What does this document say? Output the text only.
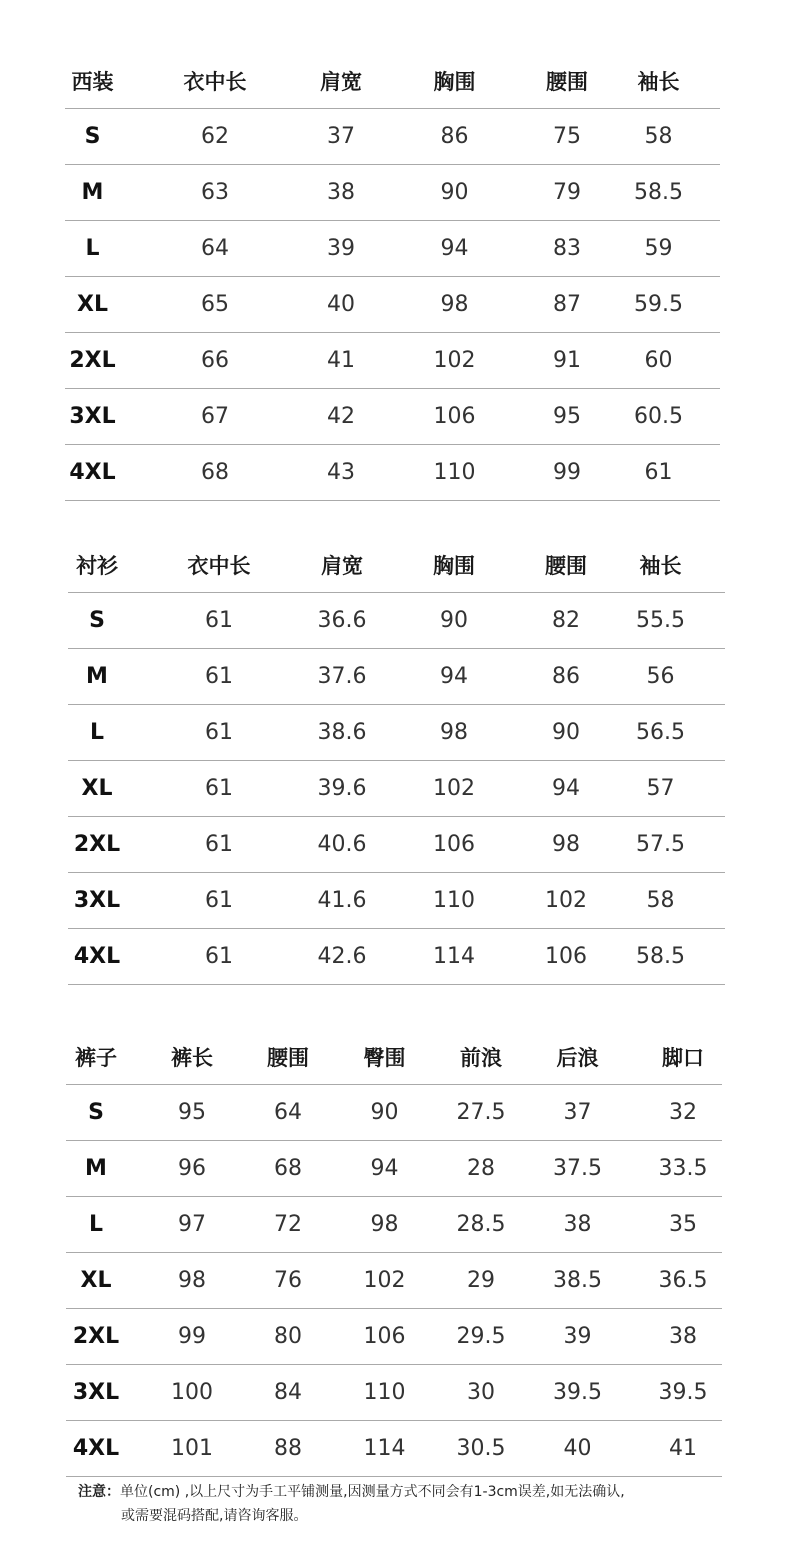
西装	衣中长	肩宽	胸围	腰围	袖长
S	62	37	86	75	58
M	63	38	90	79	58.5
L	64	39	94	83	59
XL	65	40	98	87	59.5
2XL	66	41	102	91	60
3XL	67	42	106	95	60.5
4XL	68	43	110	99	61
衬衫	衣中长	肩宽	胸围	腰围	袖长
S	61	36.6	90	82	55.5
M	61	37.6	94	86	56
L	61	38.6	98	90	56.5
XL	61	39.6	102	94	57
2XL	61	40.6	106	98	57.5
3XL	61	41.6	110	102	58
4XL	61	42.6	114	106	58.5
裤子	裤长	腰围	臀围	前浪	后浪	脚口
S	95	64	90	27.5	37	32
M	96	68	94	28	37.5	33.5
L	97	72	98	28.5	38	35
XL	98	76	102	29	38.5	36.5
2XL	99	80	106	29.5	39	38
3XL	100	84	110	30	39.5	39.5
4XL	101	88	114	30.5	40	41
注意：单位(cm) ,以上尺寸为手工平铺测量,因测量方式不同会有1-3cm误差,如无法确认,
或需要混码搭配,请咨询客服。
